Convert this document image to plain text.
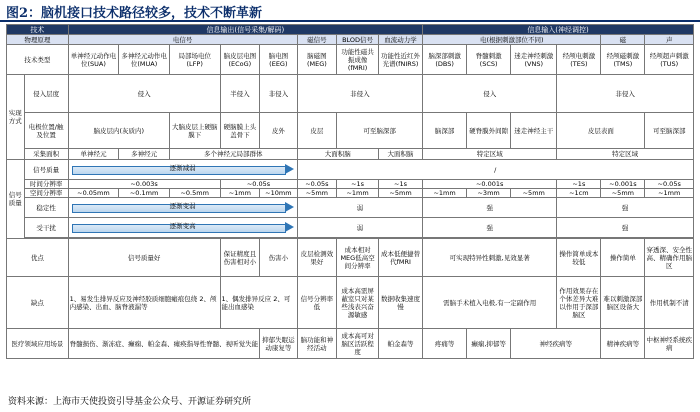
图2：脑机接口技术路径较多，技术不断革新
技术		信息输出(信号采集/解码)								信息输入(神经调控)					
物理原理		电信号					磁信号	BLOD信号	血流动力学	电(根据刺激部位不同)				磁	声
技术类型		单神经元动作电位(SUA)	多神经元动作电位(MUA)	局部场电位(LFP)	脑皮层电图(ECoG)	脑电图(EEG)	脑磁图(MEG)	功能性磁共振成像(fMRI)	功能性近红外光谱(fNIRS)	脑深部刺激(DBS)	脊髓刺激(SCS)	迷走神经刺激(VNS)	经颅电刺激(TES)	经颅磁刺激(TMS)	经颅超声刺激(TUS)
实现方式	侵入层度	侵入			半侵入	非侵入	非侵入			侵入			非侵入		
	电极位置/触及位置	脑皮层内(灰质内)		大脑皮层上硬脑膜下	硬脑膜上头盖骨下	皮外	皮层	可至脑深部		脑深部	硬脊膜外间隙	迷走神经主干	皮层表面		可至脑深部
	采集面积	单神经元	多神经元	多个神经元局部群体			大面积脑		大面积脑	特定区域			特定区域		
信号质量	信号质量	逐渐减弱					/								
	时间分辨率	~0.003s			~0.05s		~0.05s	~1s	~1s	~0.001s			~1s	~0.001s	~0.05s
	空间分辨率	~0.05mm	~0.1mm	~0.5mm	~1mm	~10mm	~5mm	~1mm	~5mm	~1mm	~3mm	~5mm	~1cm	~5mm	~1mm
	稳定性	逐渐变弱					弱			强			强		
	受干扰	逐渐变高					弱			强			强		

优点		信号质量好			保证精度且伤害相对小	伤害小	皮层检测效果好	成本相对MEG低高空间分辨率	成本低便捷替代fMRI	可实现特异性刺激,见效显著			操作简单成本较低	操作简单	穿透深、安全性高、精确作用脑区
缺点		1、易发生排异反应及神经胶质细胞瘢痕包绕 2、颅内感染、出血、脑脊液漏等			1、偶发排异反应 2、可能出血感染		信号分辨率低	成本高需屏蔽室只对某些浅表兴奋源敏感	数据收集速度慢	需脑手术植入电极,有一定副作用			作用效果存在个体差异大难以作用于深部脑区	难以刺激深部脑区设备大	作用机制不清
医疗领域应用场景		脊髓损伤、渐冻症、癫痫、帕金森、瘫痪指导性脊髓、视听觉失能				抑郁失眠运动康复等	脑功能和神经活动	成本高可对脑区活跃程度	帕金森等	疼痛等	癫痫,抑郁等	神经疾病等		精神疾病等	中枢神经系统疾病
资料来源：上海市天使投资引导基金公众号、开源证券研究所
